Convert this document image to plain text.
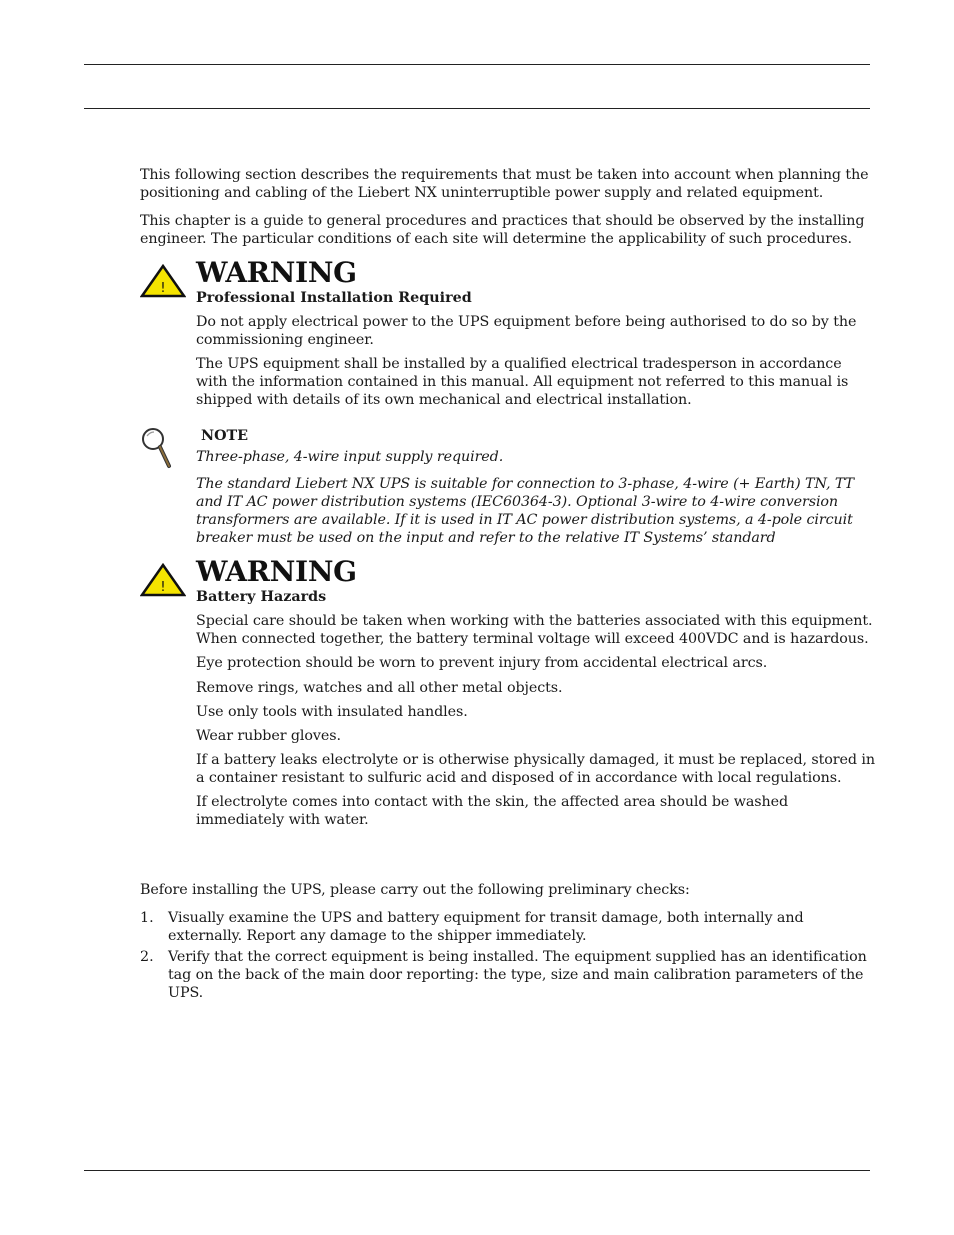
This following section describes the requirements that must be taken into account when planning the positioning and cabling of the Liebert NX uninterruptible power supply and related equipment.

This chapter is a guide to general procedures and practices that should be observed by the installing engineer. The particular conditions of each site will determine the applicability of such procedures.

! WARNING

Professional Installation Required

Do not apply electrical power to the UPS equipment before being authorised to do so by the commissioning engineer.

The UPS equipment shall be installed by a qualified electrical tradesperson in accordance with the information contained in this manual. All equipment not referred to this manual is shipped with details of its own mechanical and electrical installation.

NOTE

Three-phase, 4-wire input supply required.

The standard Liebert NX UPS is suitable for connection to 3-phase, 4-wire (+ Earth) TN, TT and IT AC power distribution systems (IEC60364-3). Optional 3-wire to 4-wire conversion transformers are available. If it is used in IT AC power distribution systems, a 4-pole circuit breaker must be used on the input and refer to the relative IT Systems’ standard

! WARNING

Battery Hazards

Special care should be taken when working with the batteries associated with this equipment. When connected together, the battery terminal voltage will exceed 400VDC and is hazardous.

Eye protection should be worn to prevent injury from accidental electrical arcs.

Remove rings, watches and all other metal objects.

Use only tools with insulated handles.

Wear rubber gloves.

If a battery leaks electrolyte or is otherwise physically damaged, it must be replaced, stored in a container resistant to sulfuric acid and disposed of in accordance with local regulations.

If electrolyte comes into contact with the skin, the affected area should be washed immediately with water.

Before installing the UPS, please carry out the following preliminary checks:

1. Visually examine the UPS and battery equipment for transit damage, both internally and externally. Report any damage to the shipper immediately.

2. Verify that the correct equipment is being installed. The equipment supplied has an identification tag on the back of the main door reporting: the type, size and main calibration parameters of the UPS.
